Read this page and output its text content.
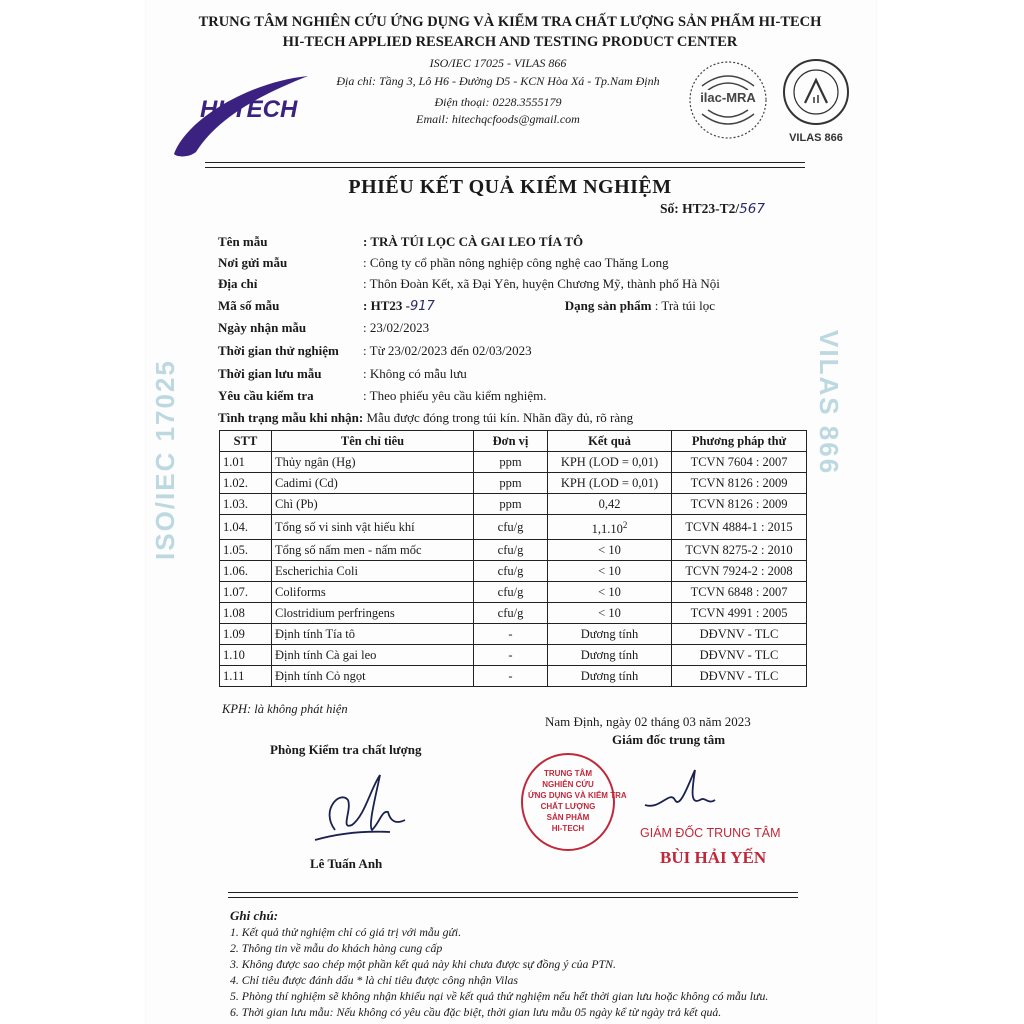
ISO/IEC 17025	VILAS 866
HI-TECH
TRUNG TÂM NGHIÊN CỨU ỨNG DỤNG VÀ KIỂM TRA CHẤT LƯỢNG SẢN PHẨM HI-TECH
HI-TECH APPLIED RESEARCH AND TESTING PRODUCT CENTER
ISO/IEC 17025 - VILAS 866
Địa chỉ: Tầng 3, Lô H6 - Đường D5 - KCN Hòa Xá - Tp.Nam Định
Điện thoại: 0228.3555179
Email: hitechqcfoods@gmail.com
ilac-MRA
VILAS 866
PHIẾU KẾT QUẢ KIỂM NGHIỆM
Số: HT23-T2/567
Tên mẫu	: TRÀ TÚI LỌC CÀ GAI LEO TÍA TÔ
Nơi gửi mẫu	: Công ty cổ phần nông nghiệp công nghệ cao Thăng Long
Địa chỉ	: Thôn Đoàn Kết, xã Đại Yên, huyện Chương Mỹ, thành phố Hà Nội
Mã số mẫu	: HT23 -917	Dạng sản phẩm : Trà túi lọc
Ngày nhận mẫu	: 23/02/2023
Thời gian thử nghiệm : Từ 23/02/2023 đến 02/03/2023
Thời gian lưu mẫu	: Không có mẫu lưu
Yêu cầu kiểm tra	: Theo phiếu yêu cầu kiểm nghiệm.
Tình trạng mẫu khi nhận: Mẫu được đóng trong túi kín. Nhãn đầy đủ, rõ ràng
STT	Tên chỉ tiêu	Đơn vị	Kết quả	Phương pháp thử
1.01	Thủy ngân (Hg)	ppm	KPH (LOD = 0,01)	TCVN 7604 : 2007
1.02.	Cadimi (Cd)	ppm	KPH (LOD = 0,01)	TCVN 8126 : 2009
1.03.	Chì (Pb)	ppm	0,42	TCVN 8126 : 2009
1.04.	Tổng số vi sinh vật hiếu khí	cfu/g	1,1.10$^2$	TCVN 4884-1 : 2015
1.05.	Tổng số nấm men - nấm mốc	cfu/g	< 10	TCVN 8275-2 : 2010
1.06.	Escherichia Coli	cfu/g	< 10	TCVN 7924-2 : 2008
1.07.	Coliforms	cfu/g	< 10	TCVN 6848 : 2007
1.08	Clostridium perfringens	cfu/g	< 10	TCVN 4991 : 2005
1.09	Định tính Tía tô	-	Dương tính	DĐVNV - TLC
1.10	Định tính Cà gai leo	-	Dương tính	DĐVNV - TLC
1.11	Định tính Cỏ ngọt	-	Dương tính	DĐVNV - TLC
KPH: là không phát hiện
Nam Định, ngày 02 tháng 03 năm 2023
Phòng Kiểm tra chất lượng
Giám đốc trung tâm
Lê Tuấn Anh
TRUNG TÂM
NGHIÊN CỨU
ỨNG DỤNG VÀ KIỂM TRA
CHẤT LƯỢNG
SẢN PHẨM
HI-TECH	GIÁM ĐỐC TRUNG TÂM
BÙI HẢI YẾN
Ghi chú:
1. Kết quả thử nghiệm chỉ có giá trị với mẫu gửi.
2. Thông tin về mẫu do khách hàng cung cấp
3. Không được sao chép một phần kết quả này khi chưa được sự đồng ý của PTN.
4. Chỉ tiêu được đánh dấu * là chỉ tiêu được công nhận Vilas
5. Phòng thí nghiệm sẽ không nhận khiếu nại về kết quả thử nghiệm nếu hết thời gian lưu hoặc không có mẫu lưu.
6. Thời gian lưu mẫu: Nếu không có yêu cầu đặc biệt, thời gian lưu mẫu 05 ngày kể từ ngày trả kết quả.
